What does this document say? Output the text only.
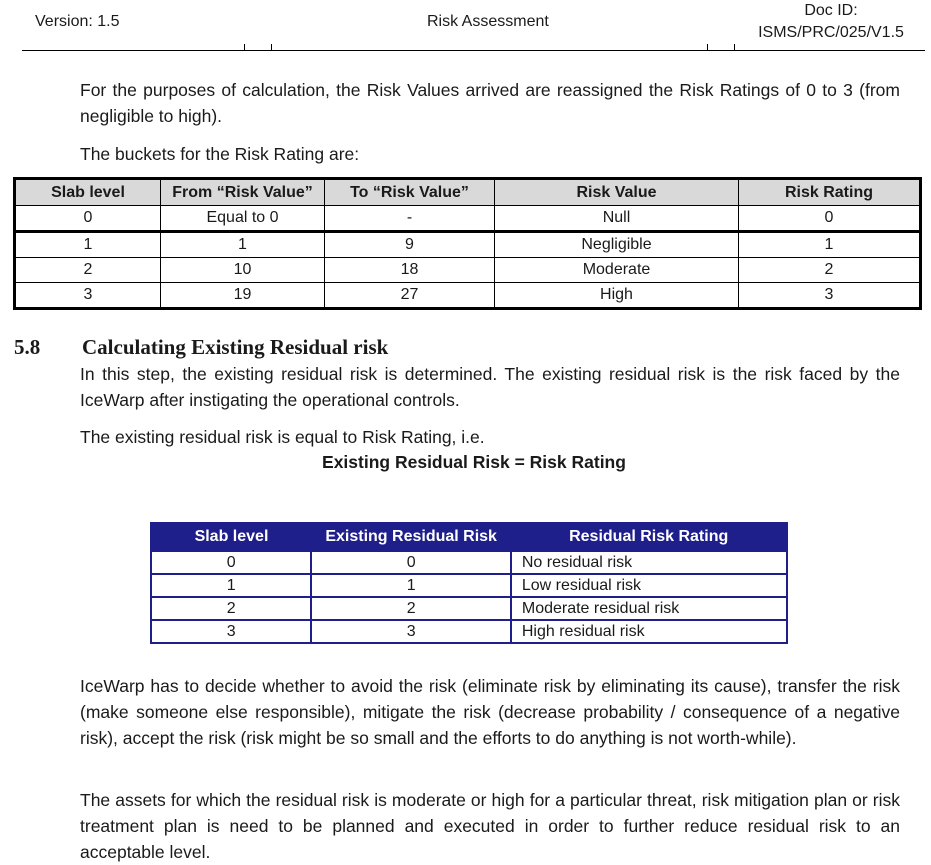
Version: 1.5	Risk Assessment
Doc ID:
ISMS/PRC/025/V1.5

For the purposes of calculation, the Risk Values arrived are reassigned the Risk Ratings of 0 to 3 (from negligible to high).

The buckets for the Risk Rating are:

Slab level	From “Risk Value”	To “Risk Value”	Risk Value	Risk Rating
0	Equal to 0	-	Null	0
1	1	9	Negligible	1
2	10	18	Moderate	2
3	19	27	High	3
5.8 Calculating Existing Residual risk

In this step, the existing residual risk is determined. The existing residual risk is the risk faced by the IceWarp after instigating the operational controls.

The existing residual risk is equal to Risk Rating, i.e.

Existing Residual Risk = Risk Rating
Slab level	Existing Residual Risk	Residual Risk Rating
0	0	No residual risk
1	1	Low residual risk
2	2	Moderate residual risk
3	3	High residual risk

IceWarp has to decide whether to avoid the risk (eliminate risk by eliminating its cause), transfer the risk (make someone else responsible), mitigate the risk (decrease probability / consequence of a negative risk), accept the risk (risk might be so small and the efforts to do anything is not worth-while).

The assets for which the residual risk is moderate or high for a particular threat, risk mitigation plan or risk treatment plan is need to be planned and executed in order to further reduce residual risk to an acceptable level.
